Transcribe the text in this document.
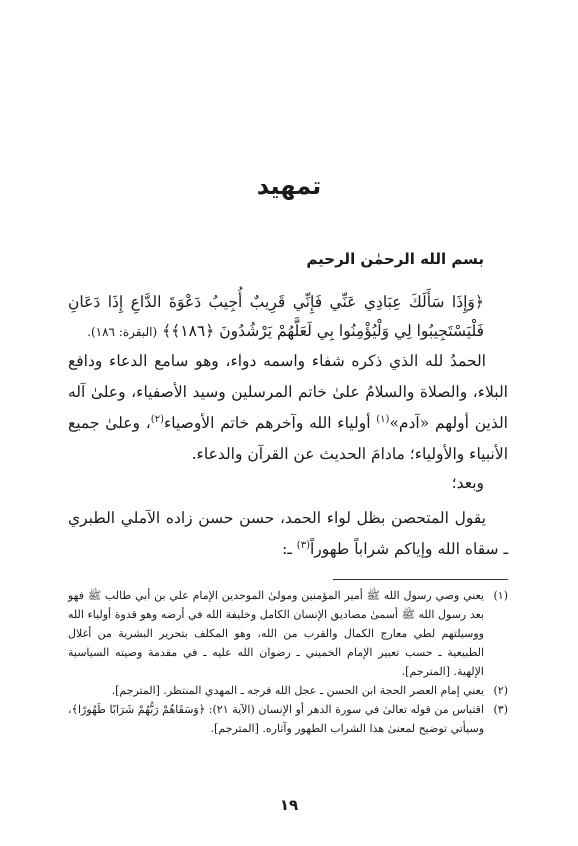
تمهيد
بسم الله الرحمٰن الرحيم
﴿وَإِذَا سَأَلَكَ عِبَادِي عَنِّي فَإِنِّي قَرِيبٌ أُجِيبُ دَعْوَةَ الدَّاعِ إِذَا دَعَانِ فَلْيَسْتَجِيبُوا لِي وَلْيُؤْمِنُوا بِي لَعَلَّهُمْ يَرْشُدُونَ ﴿١٨٦﴾﴾ (البقرة: ١٨٦).
الحمدُ لله الذي ذكره شفاء واسمه دواء، وهو سامع الدعاء ودافع البلاء، والصلاة والسلامُ علىٰ خاتم المرسلين وسيد الأصفياء، وعلىٰ آله الذين أولهم «آدم»$^{(١)}$ أولياء الله وآخرهم خاتم الأوصياء$^{(٢)}$، وعلىٰ جميع الأنبياء والأولياء؛ مادامَ الحديث عن القرآن والدعاء.
وبعد؛
يقول المتحصن بظل لواء الحمد، حسن حسن زاده الآملي الطبري ـ سقاه الله وإياكم شراباً طهوراً$^{(٣)}$ ـ:
(١)
يعني وصي رسول الله ﷺ أمير المؤمنين ومولىٰ الموحدين الإمام علي بن أبي طالب ﷺ فهو بعد رسول الله ﷺ أسمىٰ مصاديق الإنسان الكامل وخليفة الله في أرضه وهو قدوة أولياء الله ووسيلتهم لطي معارج الكمال والقرب من الله، وهو المكلف بتحرير البشرية من أغلال الطبيعية ـ حسب تعبير الإمام الخميني ـ رضوان الله عليه ـ في مقدمة وصيته السياسية الإلهية. [المترجم].
(٢)
يعني إمام العصر الحجة ابن الحسن ـ عجل الله فرجه ـ المهدي المنتظر. [المترجم].
(٣)
اقتباس من قوله تعالىٰ في سورة الدهر أو الإنسان (الآية ٢١): ﴿وَسَقَاهُمْ رَبُّهُمْ شَرَابًا طَهُورًا﴾، وسيأتي توضيح لمعنىٰ هذا الشراب الطهور وآثاره. [المترجم].
١٩
